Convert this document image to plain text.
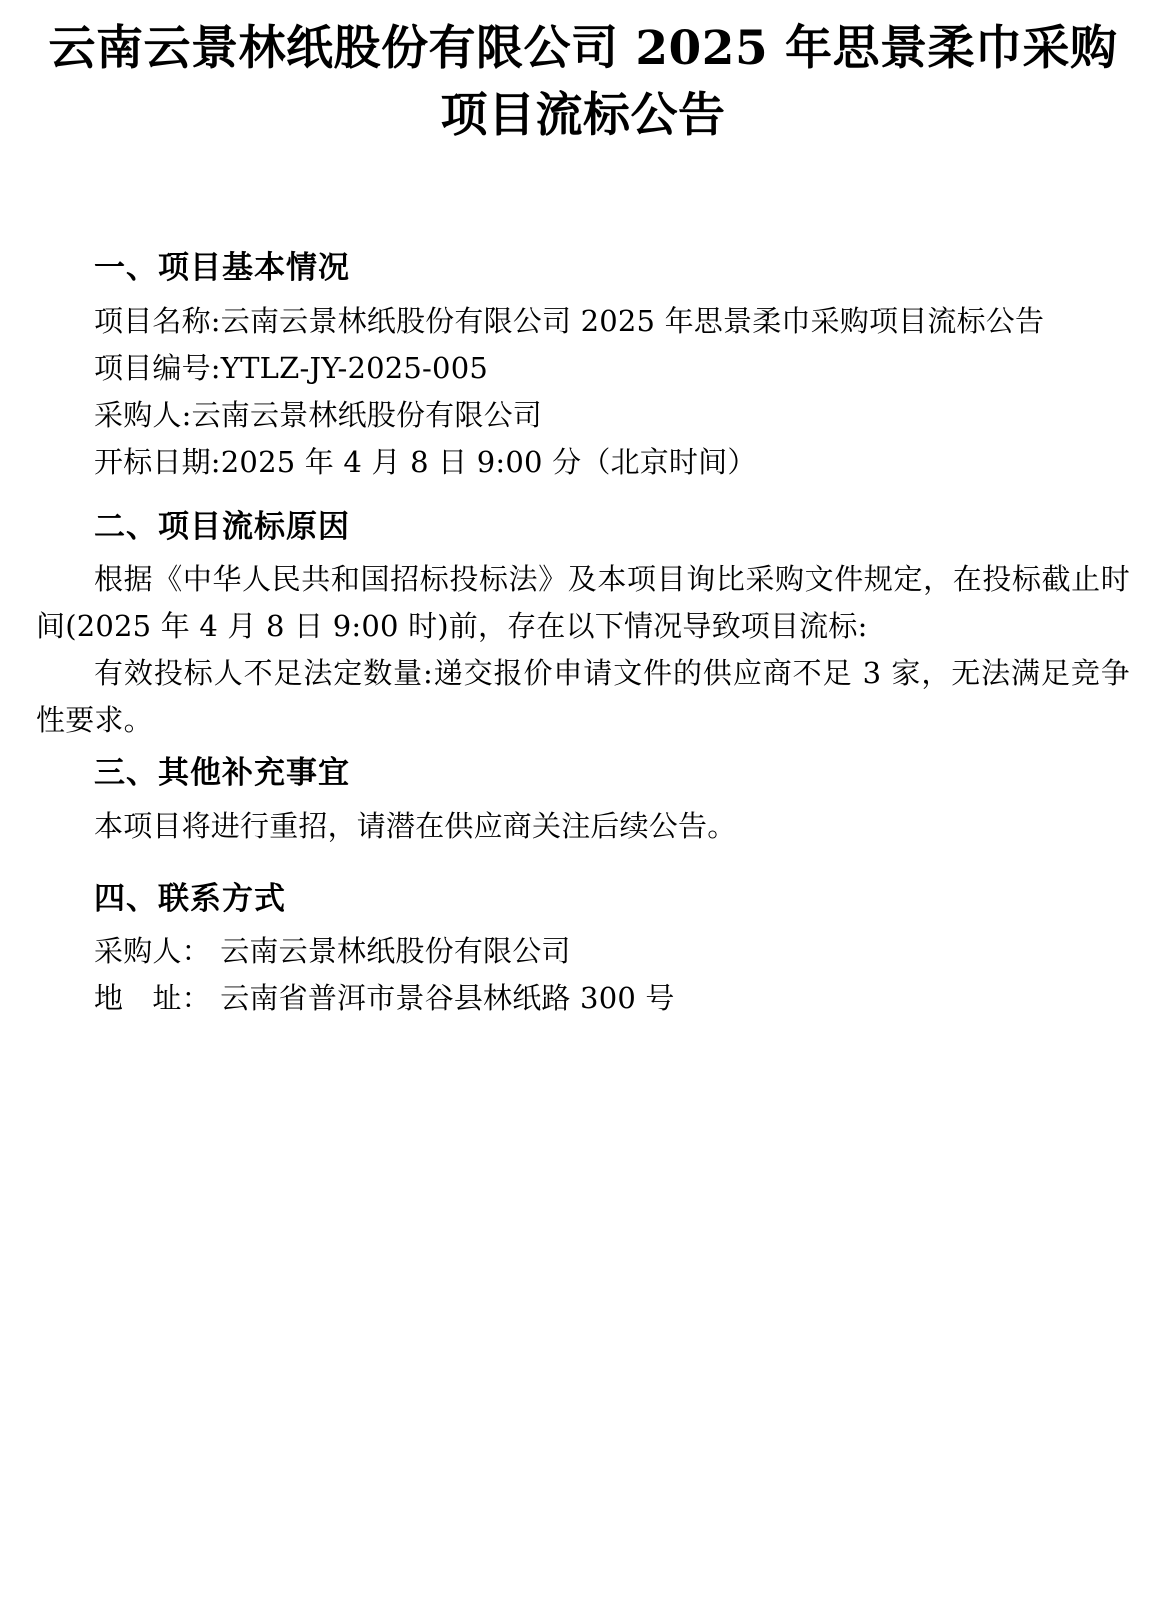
云南云景林纸股份有限公司 2025 年思景柔巾采购项目流标公告
一、项目基本情况

项目名称:云南云景林纸股份有限公司 2025 年思景柔巾采购项目流标公告

项目编号:YTLZ-JY-2025-005

采购人:云南云景林纸股份有限公司

开标日期:2025 年 4 月 8 日 9:00 分（北京时间）

二、项目流标原因

根据《中华人民共和国招标投标法》及本项目询比采购文件规定，在投标截止时间(2025 年 4 月 8 日 9:00 时)前，存在以下情况导致项目流标:

有效投标人不足法定数量:递交报价申请文件的供应商不足 3 家，无法满足竞争性要求。

三、其他补充事宜

本项目将进行重招，请潜在供应商关注后续公告。

四、联系方式

采购人： 云南云景林纸股份有限公司

地　址： 云南省普洱市景谷县林纸路 300 号
